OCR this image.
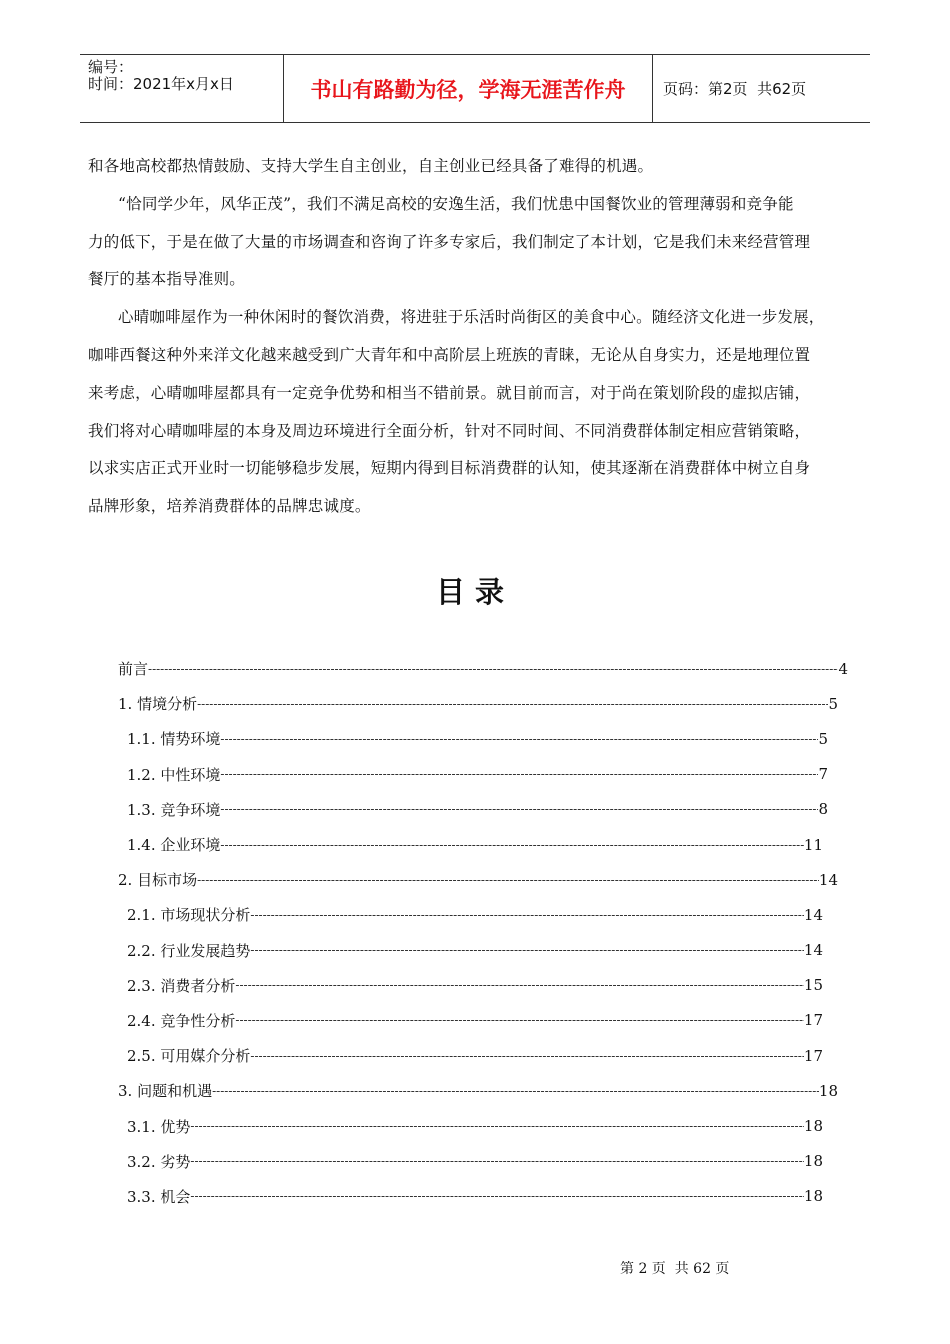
编号：
时间：2021年x月x日	书山有路勤为径，学海无涯苦作舟	页码：第2页  共62页

和各地高校都热情鼓励、支持大学生自主创业，自主创业已经具备了难得的机遇。

“恰同学少年，风华正茂”，我们不满足高校的安逸生活，我们忧患中国餐饮业的管理薄弱和竞争能

力的低下，于是在做了大量的市场调查和咨询了许多专家后，我们制定了本计划，它是我们未来经营管理

餐厅的基本指导准则。

心晴咖啡屋作为一种休闲时的餐饮消费，将进驻于乐活时尚街区的美食中心。随经济文化进一步发展，

咖啡西餐这种外来洋文化越来越受到广大青年和中高阶层上班族的青睐，无论从自身实力，还是地理位置

来考虑，心晴咖啡屋都具有一定竞争优势和相当不错前景。就目前而言，对于尚在策划阶段的虚拟店铺，

我们将对心晴咖啡屋的本身及周边环境进行全面分析，针对不同时间、不同消费群体制定相应营销策略，

以求实店正式开业时一切能够稳步发展，短期内得到目标消费群的认知，使其逐渐在消费群体中树立自身

品牌形象，培养消费群体的品牌忠诚度。

目录
前言 -----	4
1. 情境分析 -----	5
1.1. 情势环境 -----	5
1.2. 中性环境 -----	7
1.3. 竞争环境 -----	8
1.4. 企业环境 -----	11
2. 目标市场 -----	14
2.1. 市场现状分析 -----	14
2.2. 行业发展趋势 -----	14
2.3. 消费者分析 -----	15
2.4. 竞争性分析 -----	17
2.5. 可用媒介分析 -----	17
3. 问题和机遇 -----	18
3.1. 优势 -----	18
3.2. 劣势 -----	18
3.3. 机会 -----	18
第 2 页  共 62 页
